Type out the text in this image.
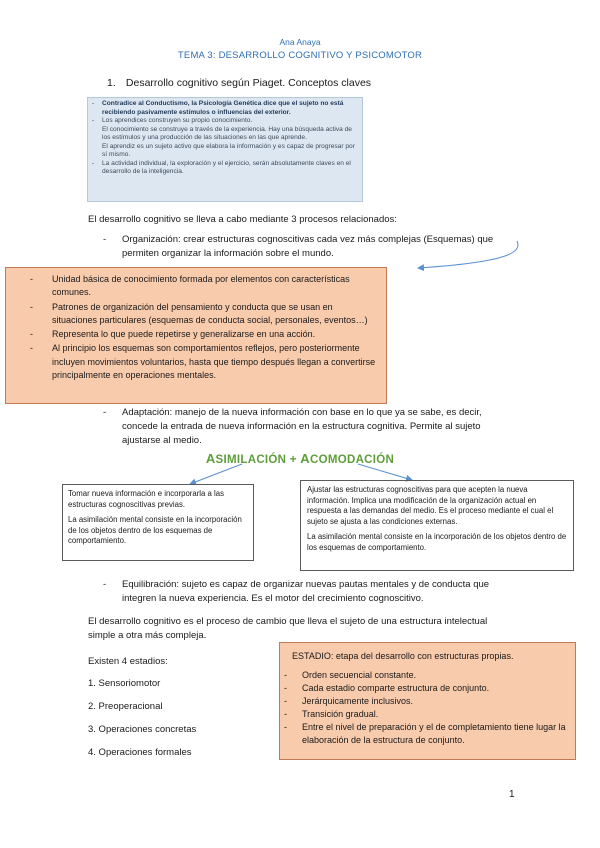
Ana Anaya
TEMA 3: DESARROLLO COGNITIVO Y PSICOMOTOR
1. Desarrollo cognitivo según Piaget. Conceptos claves
- Contradice al Conductismo, la Psicología Genética dice que el sujeto no está recibiendo pasivamente estímulos o influencias del exterior.
- Los aprendices construyen su propio conocimiento.
El conocimiento se construye a través de la experiencia. Hay una búsqueda activa de los estímulos y una producción de las situaciones en las que aprende.
El aprendiz es un sujeto activo que elabora la información y es capaz de progresar por sí mismo.
- La actividad individual, la exploración y el ejercicio, serán absolutamente claves en el desarrollo de la inteligencia.
El desarrollo cognitivo se lleva a cabo mediante 3 procesos relacionados:
- Organización: crear estructuras cognoscitivas cada vez más complejas (Esquemas) que permiten organizar la información sobre el mundo.
- Unidad básica de conocimiento formada por elementos con características comunes.
- Patrones de organización del pensamiento y conducta que se usan en situaciones particulares (esquemas de conducta social, personales, eventos…)
- Representa lo que puede repetirse y generalizarse en una acción.
- Al principio los esquemas son comportamientos reflejos, pero posteriormente incluyen movimientos voluntarios, hasta que tiempo después llegan a convertirse principalmente en operaciones mentales.
- Adaptación: manejo de la nueva información con base en lo que ya se sabe, es decir, concede la entrada de nueva información en la estructura cognitiva. Permite al sujeto ajustarse al medio.
ASIMILACIÓN + ACOMODACIÓN

Tomar nueva información e incorporarla a las estructuras cognoscitivas previas.

La asimilación mental consiste en la incorporación de los objetos dentro de los esquemas de comportamiento.

Ajustar las estructuras cognoscitivas para que acepten la nueva información. Implica una modificación de la organización actual en respuesta a las demandas del medio. Es el proceso mediante el cual el sujeto se ajusta a las condiciones externas.

La asimilación mental consiste en la incorporación de los objetos dentro de los esquemas de comportamiento.

- Equilibración: sujeto es capaz de organizar nuevas pautas mentales y de conducta que integren la nueva experiencia. Es el motor del crecimiento cognoscitivo.
El desarrollo cognitivo es el proceso de cambio que lleva el sujeto de una estructura intelectual simple a otra más compleja.
Existen 4 estadios:
1. Sensoriomotor
2. Preoperacional
3. Operaciones concretas
4. Operaciones formales
ESTADIO: etapa del desarrollo con estructuras propias.
- Orden secuencial constante.
- Cada estadio comparte estructura de conjunto.
- Jerárquicamente inclusivos.
- Transición gradual.
- Entre el nivel de preparación y el de completamiento tiene lugar la elaboración de la estructura de conjunto.
1
